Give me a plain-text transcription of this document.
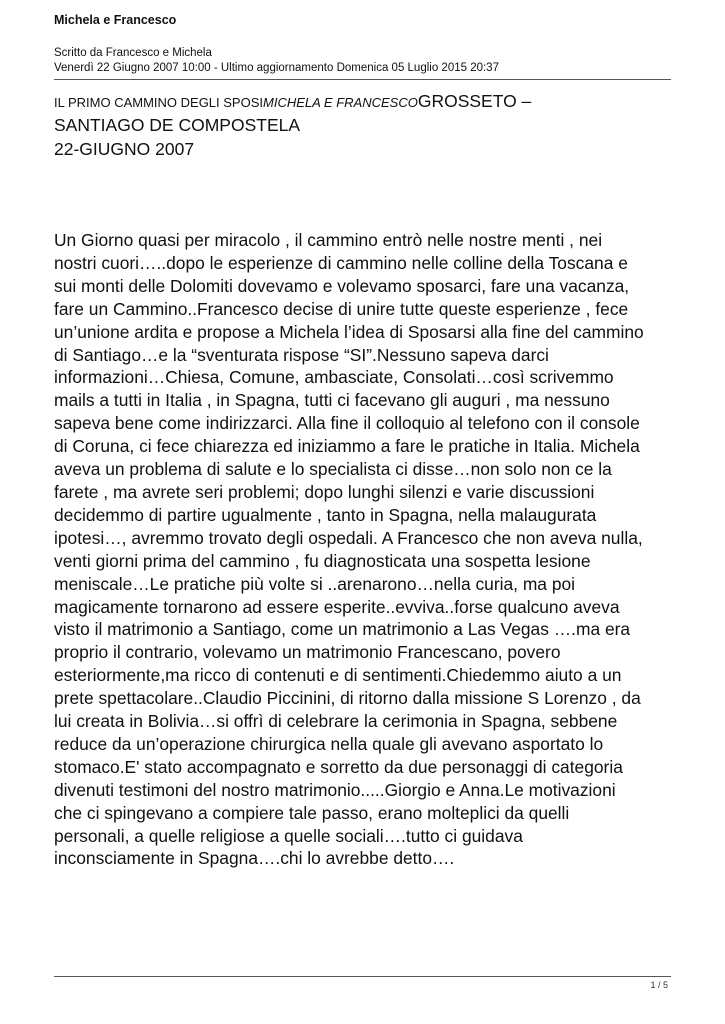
Michela e Francesco
Scritto da Francesco e Michela
Venerdì 22 Giugno 2007 10:00 - Ultimo aggiornamento Domenica 05 Luglio 2015 20:37
IL PRIMO CAMMINO DEGLI SPOSIMICHELA E FRANCESCOGROSSETO –
SANTIAGO DE COMPOSTELA
22-GIUGNO 2007
Un Giorno quasi per miracolo , il cammino entrò nelle nostre menti , nei
nostri cuori…..dopo le esperienze di cammino nelle colline della Toscana e
sui monti delle Dolomiti dovevamo e volevamo sposarci, fare una vacanza,
fare un Cammino..Francesco decise di unire tutte queste esperienze , fece
un’unione ardita e propose a Michela l’idea di Sposarsi alla fine del cammino
di Santiago…e la “sventurata rispose “SI”.Nessuno sapeva darci
informazioni…Chiesa, Comune, ambasciate, Consolati…così scrivemmo
mails a tutti in Italia , in Spagna, tutti ci facevano gli auguri , ma nessuno
sapeva bene come indirizzarci. Alla fine il colloquio al telefono con il console
di Coruna, ci fece chiarezza ed iniziammo a fare le pratiche in Italia. Michela
aveva un problema di salute e lo specialista ci disse…non solo non ce la
farete , ma avrete seri problemi; dopo lunghi silenzi e varie discussioni
decidemmo di partire ugualmente , tanto in Spagna, nella malaugurata
ipotesi…, avremmo trovato degli ospedali. A Francesco che non aveva nulla,
venti giorni prima del cammino , fu diagnosticata una sospetta lesione
meniscale…Le pratiche più volte si ..arenarono…nella curia, ma poi
magicamente tornarono ad essere esperite..evviva..forse qualcuno aveva
visto il matrimonio a Santiago, come un matrimonio a Las Vegas ….ma era
proprio il contrario, volevamo un matrimonio Francescano, povero
esteriormente,ma ricco di contenuti e di sentimenti.Chiedemmo aiuto a un
prete spettacolare..Claudio Piccinini, di ritorno dalla missione S Lorenzo , da
lui creata in Bolivia…si offrì di celebrare la cerimonia in Spagna, sebbene
reduce da un’operazione chirurgica nella quale gli avevano asportato lo
stomaco.E' stato accompagnato e sorretto da due personaggi di categoria
divenuti testimoni del nostro matrimonio.....Giorgio e Anna.Le motivazioni
che ci spingevano a compiere tale passo, erano molteplici da quelli
personali, a quelle religiose a quelle sociali….tutto ci guidava
inconsciamente in Spagna….chi lo avrebbe detto….
1 / 5
